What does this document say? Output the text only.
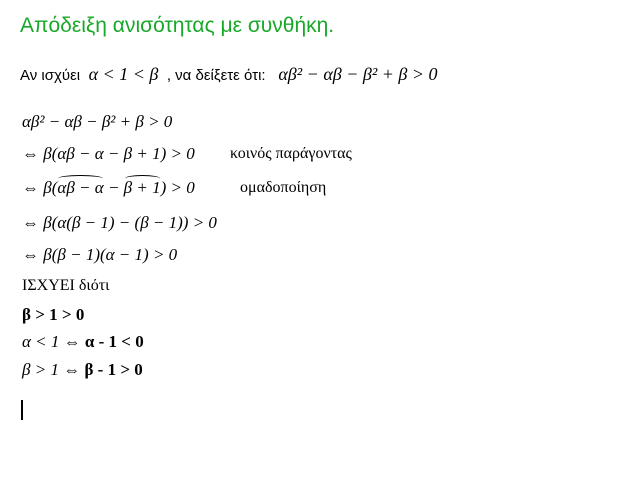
Απόδειξη ανισότητας με συνθήκη.
Αν ισχύει α < 1 < β , να δείξετε ότι: αβ² − αβ − β² + β > 0
αβ² − αβ − β² + β > 0
⇔ β(αβ − α − β + 1) > 0 κοινός παράγοντας
⇔ β(αβ − α − β + 1) > 0	ομαδοποίηση
⇔ β(α(β − 1) − (β − 1)) > 0
⇔ β(β − 1)(α − 1) > 0
ΙΣΧΥΕΙ διότι
β > 1 > 0
α < 1 ⇔ α - 1 < 0
β > 1 ⇔ β - 1 > 0
